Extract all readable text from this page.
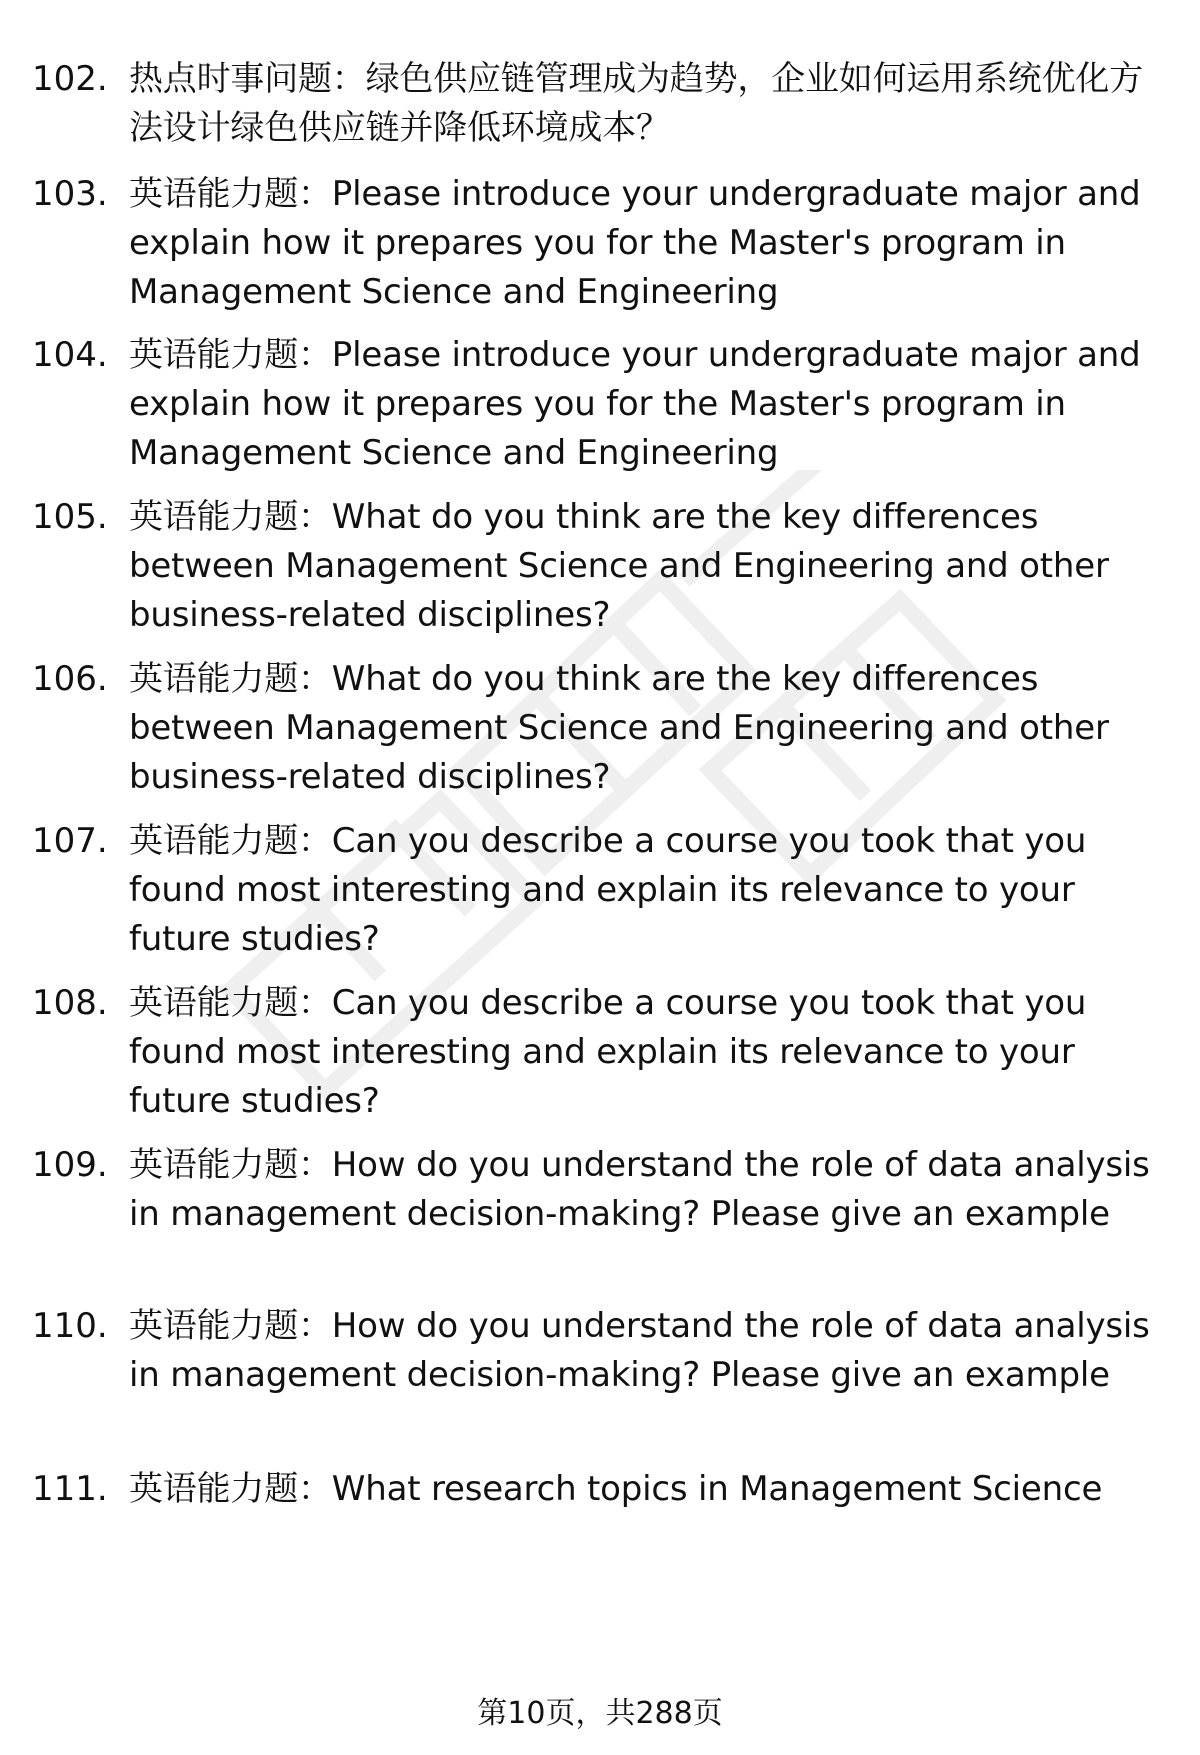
102. 热点时事问题：绿色供应链管理成为趋势，企业如何运用系统优化方法设计绿色供应链并降低环境成本？
103. 英语能力题：Please introduce your undergraduate major and explain how it prepares you for the Master's program in Management Science and Engineering
104. 英语能力题：Please introduce your undergraduate major and explain how it prepares you for the Master's program in Management Science and Engineering
105. 英语能力题：What do you think are the key differences between Management Science and Engineering and other business-related disciplines?
106. 英语能力题：What do you think are the key differences between Management Science and Engineering and other business-related disciplines?
107. 英语能力题：Can you describe a course you took that you found most interesting and explain its relevance to your future studies?
108. 英语能力题：Can you describe a course you took that you found most interesting and explain its relevance to your future studies?
109. 英语能力题：How do you understand the role of data analysis in management decision-making? Please give an example
110. 英语能力题：How do you understand the role of data analysis in management decision-making? Please give an example
111. 英语能力题：What research topics in Management Science
第10页，共288页
